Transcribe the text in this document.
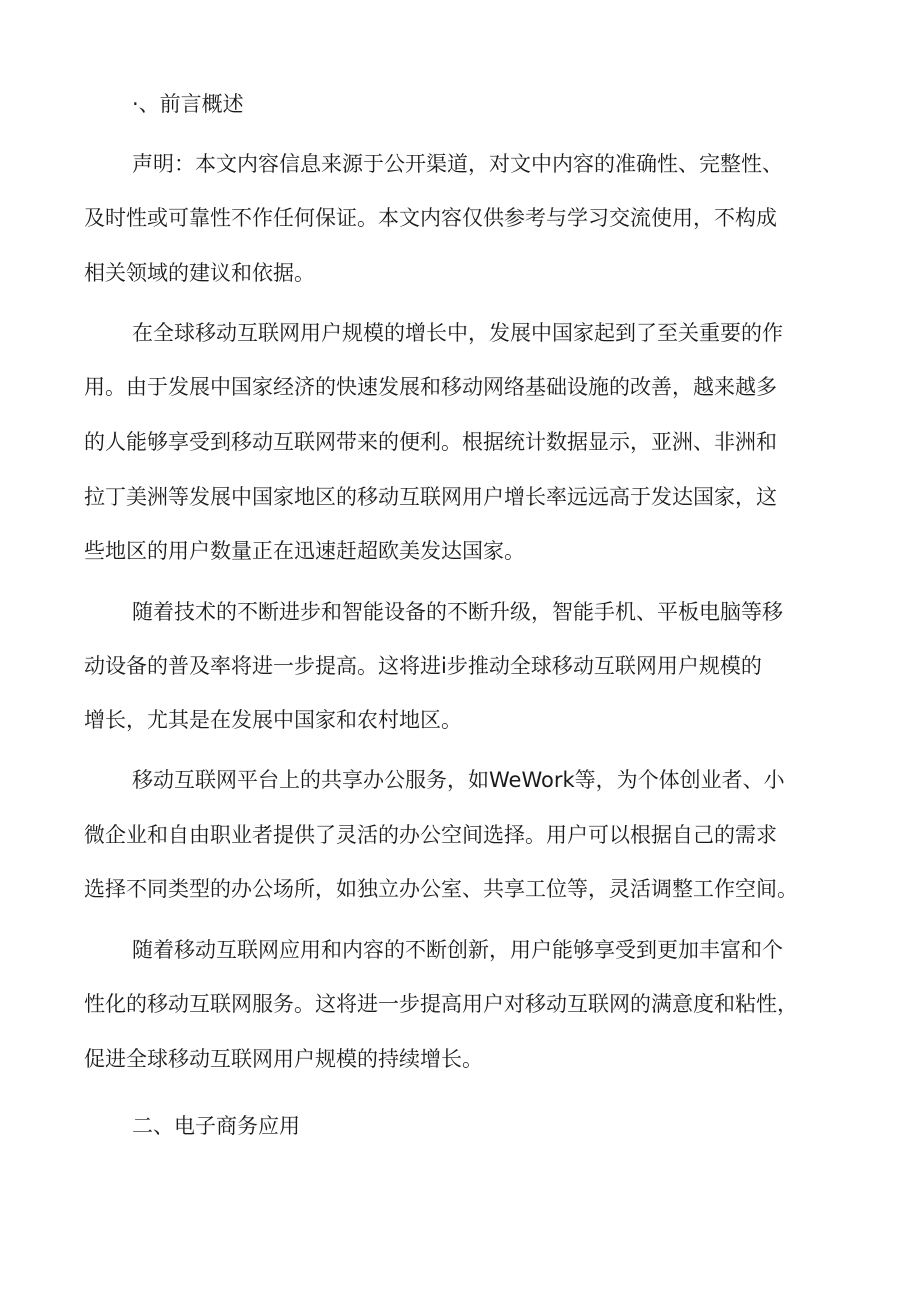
·、前言概述

声明：本文内容信息来源于公开渠道，对文中内容的准确性、完整性、

及时性或可靠性不作任何保证。本文内容仅供参考与学习交流使用，不构成

相关领域的建议和依据。

在全球移动互联网用户规模的增长中，发展中国家起到了至关重要的作

用。由于发展中国家经济的快速发展和移动网络基础设施的改善，越来越多

的人能够享受到移动互联网带来的便利。根据统计数据显示，亚洲、非洲和

拉丁美洲等发展中国家地区的移动互联网用户增长率远远高于发达国家，这

些地区的用户数量正在迅速赶超欧美发达国家。

随着技术的不断进步和智能设备的不断升级，智能手机、平板电脑等移

动设备的普及率将进一步提高。这将进i步推动全球移动互联网用户规模的

增长，尤其是在发展中国家和农村地区。

移动互联网平台上的共享办公服务，如WeWork等，为个体创业者、小

微企业和自由职业者提供了灵活的办公空间选择。用户可以根据自己的需求

选择不同类型的办公场所，如独立办公室、共享工位等，灵活调整工作空间。

随着移动互联网应用和内容的不断创新，用户能够享受到更加丰富和个

性化的移动互联网服务。这将进一步提高用户对移动互联网的满意度和粘性，

促进全球移动互联网用户规模的持续增长。

二、电子商务应用
